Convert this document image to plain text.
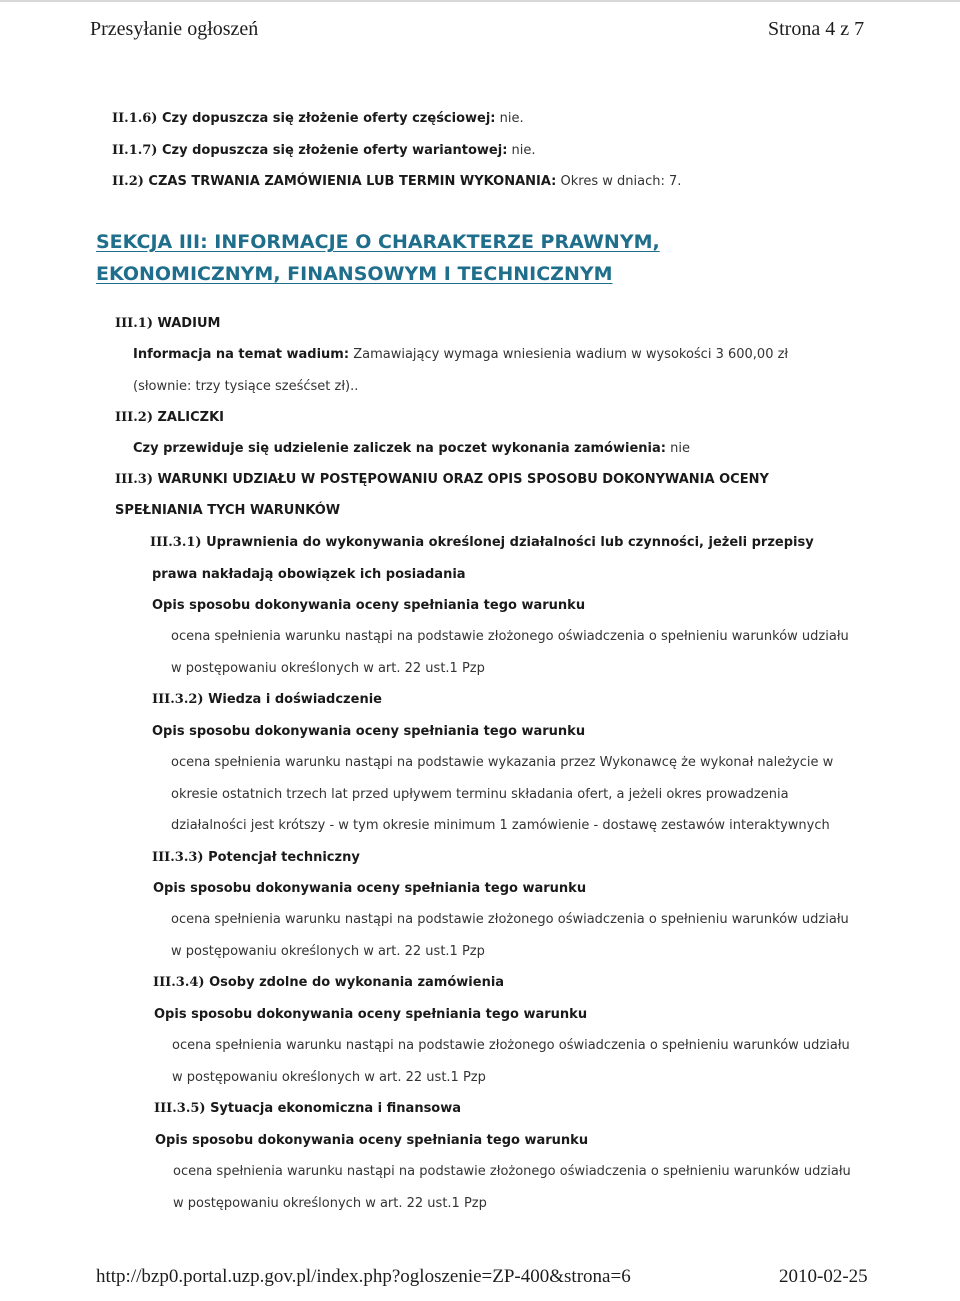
Przesyłanie ogłoszeń	Strona 4 z 7
II.1.6) Czy dopuszcza się złożenie oferty częściowej: nie.
II.1.7) Czy dopuszcza się złożenie oferty wariantowej: nie.
II.2) CZAS TRWANIA ZAMÓWIENIA LUB TERMIN WYKONANIA: Okres w dniach: 7.
SEKCJA III: INFORMACJE O CHARAKTERZE PRAWNYM,
EKONOMICZNYM, FINANSOWYM I TECHNICZNYM
III.1) WADIUM
Informacja na temat wadium: Zamawiający wymaga wniesienia wadium w wysokości 3 600,00 zł
(słownie: trzy tysiące sześćset zł)..
III.2) ZALICZKI
Czy przewiduje się udzielenie zaliczek na poczet wykonania zamówienia: nie
III.3) WARUNKI UDZIAŁU W POSTĘPOWANIU ORAZ OPIS SPOSOBU DOKONYWANIA OCENY
SPEŁNIANIA TYCH WARUNKÓW
III.3.1) Uprawnienia do wykonywania określonej działalności lub czynności, jeżeli przepisy
prawa nakładają obowiązek ich posiadania
Opis sposobu dokonywania oceny spełniania tego warunku
ocena spełnienia warunku nastąpi na podstawie złożonego oświadczenia o spełnieniu warunków udziału
w postępowaniu określonych w art. 22 ust.1 Pzp
III.3.2) Wiedza i doświadczenie
Opis sposobu dokonywania oceny spełniania tego warunku
ocena spełnienia warunku nastąpi na podstawie wykazania przez Wykonawcę że wykonał należycie w
okresie ostatnich trzech lat przed upływem terminu składania ofert, a jeżeli okres prowadzenia
działalności jest krótszy - w tym okresie minimum 1 zamówienie - dostawę zestawów interaktywnych
III.3.3) Potencjał techniczny
Opis sposobu dokonywania oceny spełniania tego warunku
ocena spełnienia warunku nastąpi na podstawie złożonego oświadczenia o spełnieniu warunków udziału
w postępowaniu określonych w art. 22 ust.1 Pzp
III.3.4) Osoby zdolne do wykonania zamówienia
Opis sposobu dokonywania oceny spełniania tego warunku
ocena spełnienia warunku nastąpi na podstawie złożonego oświadczenia o spełnieniu warunków udziału
w postępowaniu określonych w art. 22 ust.1 Pzp
III.3.5) Sytuacja ekonomiczna i finansowa
Opis sposobu dokonywania oceny spełniania tego warunku
ocena spełnienia warunku nastąpi na podstawie złożonego oświadczenia o spełnieniu warunków udziału
w postępowaniu określonych w art. 22 ust.1 Pzp
http://bzp0.portal.uzp.gov.pl/index.php?ogloszenie=ZP-400&strona=6	2010-02-25
